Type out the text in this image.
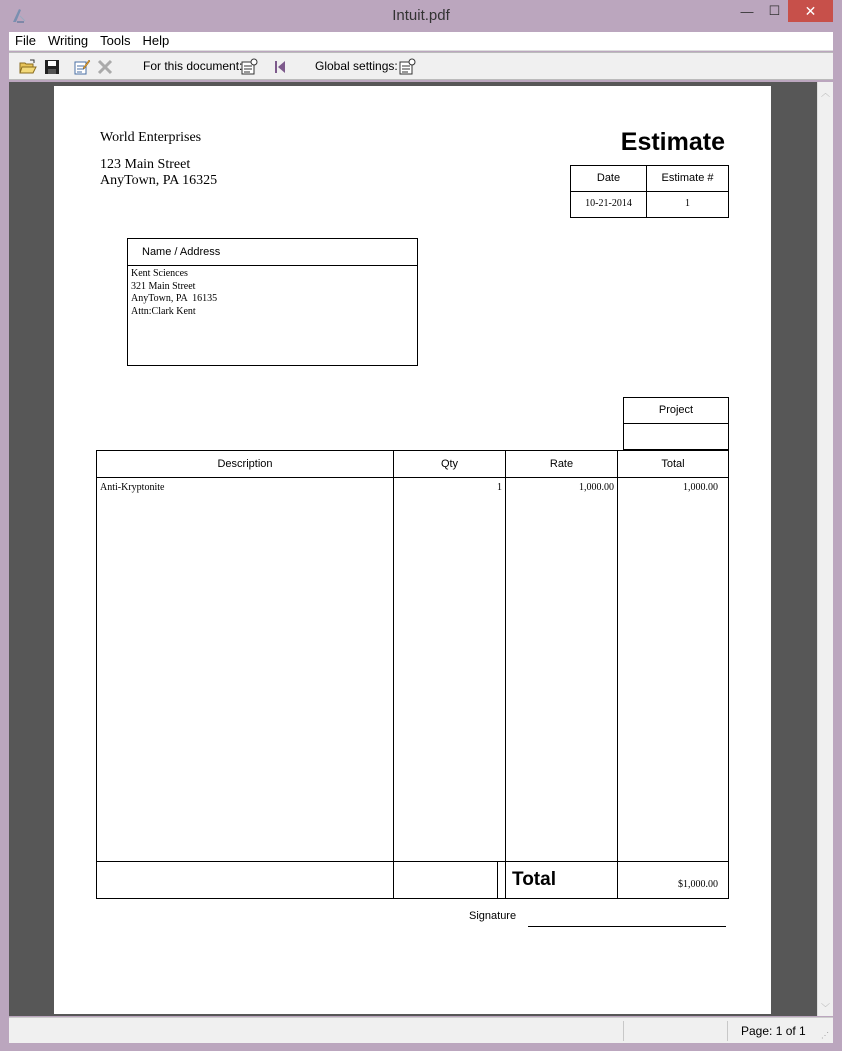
Intuit.pdf	— ☐ ✕
File Writing Tools Help
For this document:	Global settings:
World Enterprises
123 Main Street
AnyTown, PA 16325
Estimate
Date	Estimate #
10-21-2014	1
Name / Address
Kent Sciences
321 Main Street
AnyTown, PA  16135
Attn:Clark Kent
Project
Description	Qty	Rate	Total
Anti-Kryptonite	1	1,000.00	1,000.00
Total	$1,000.00
Signature
︿
﹀
Page: 1 of 1 ⋰
